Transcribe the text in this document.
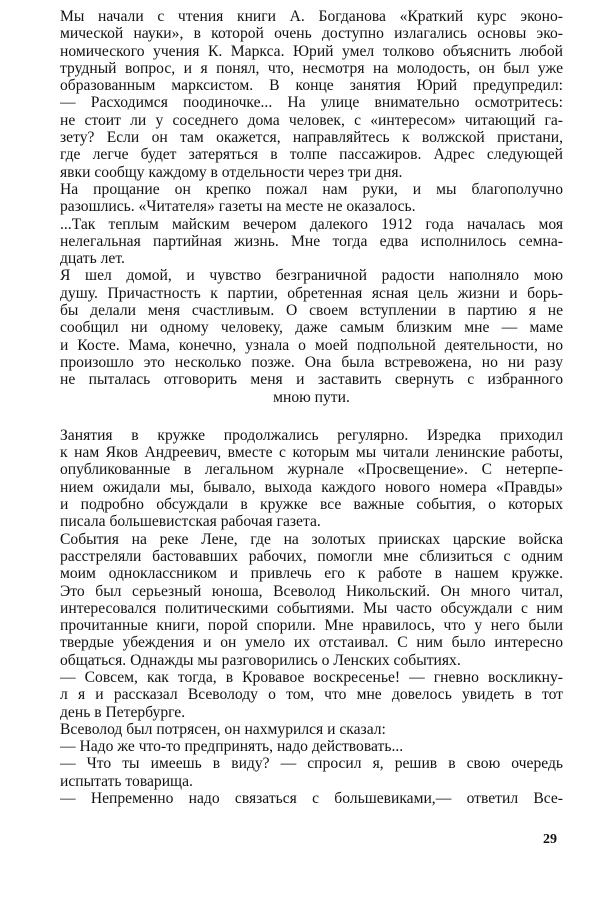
Мы начали с чтения книги А. Богданова «Краткий курс эконо-
мической науки», в которой очень доступно излагались основы эко-
номического учения К. Маркса. Юрий умел толково объяснить любой
трудный вопрос, и я понял, что, несмотря на молодость, он был уже
образованным марксистом. В конце занятия Юрий предупредил:
— Расходимся поодиночке... На улице внимательно осмотритесь:
не стоит ли у соседнего дома человек, с «интересом» читающий га-
зету? Если он там окажется, направляйтесь к волжской пристани,
где легче будет затеряться в толпе пассажиров. Адрес следующей
явки сообщу каждому в отдельности через три дня.
На прощание он крепко пожал нам руки, и мы благополучно
разошлись. «Читателя» газеты на месте не оказалось.
...Так теплым майским вечером далекого 1912 года началась моя
нелегальная партийная жизнь. Мне тогда едва исполнилось семна-
дцать лет.
Я шел домой, и чувство безграничной радости наполняло мою
душу. Причастность к партии, обретенная ясная цель жизни и борь-
бы делали меня счастливым. О своем вступлении в партию я не
сообщил ни одному человеку, даже самым близким мне — маме
и Косте. Мама, конечно, узнала о моей подпольной деятельности, но
произошло это несколько позже. Она была встревожена, но ни разу
не пыталась отговорить меня и заставить свернуть с избранного
мною пути.
Занятия в кружке продолжались регулярно. Изредка приходил
к нам Яков Андреевич, вместе с которым мы читали ленинские работы,
опубликованные в легальном журнале «Просвещение». С нетерпе-
нием ожидали мы, бывало, выхода каждого нового номера «Правды»
и подробно обсуждали в кружке все важные события, о которых
писала большевистская рабочая газета.
События на реке Лене, где на золотых приисках царские войска
расстреляли бастовавших рабочих, помогли мне сблизиться с одним
моим одноклассником и привлечь его к работе в нашем кружке.
Это был серьезный юноша, Всеволод Никольский. Он много читал,
интересовался политическими событиями. Мы часто обсуждали с ним
прочитанные книги, порой спорили. Мне нравилось, что у него были
твердые убеждения и он умело их отстаивал. С ним было интересно
общаться. Однажды мы разговорились о Ленских событиях.
— Совсем, как тогда, в Кровавое воскресенье! — гневно воскликну-
л я и рассказал Всеволоду о том, что мне довелось увидеть в тот
день в Петербурге.
Всеволод был потрясен, он нахмурился и сказал:
— Надо же что-то предпринять, надо действовать...
— Что ты имеешь в виду? — спросил я, решив в свою очередь
испытать товарища.
— Непременно надо связаться с большевиками,— ответил Все-
29
